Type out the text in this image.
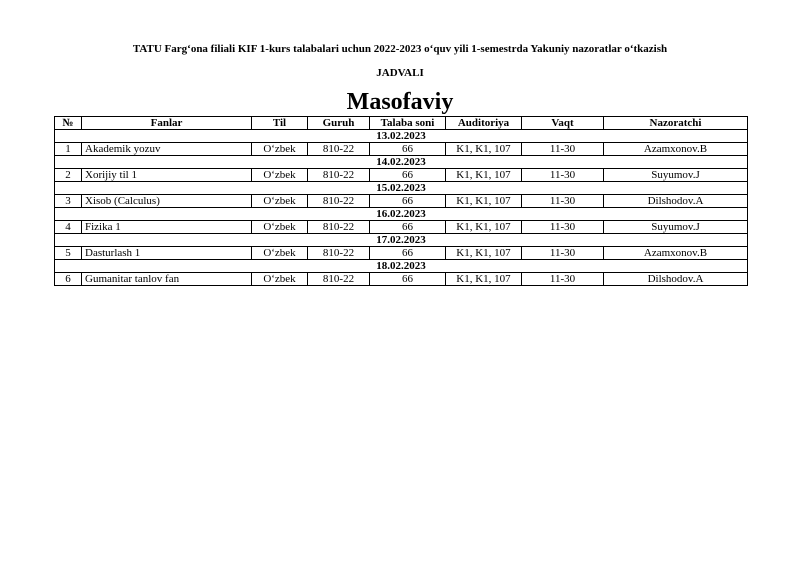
TATU Farg‘ona filiali KIF 1-kurs talabalari uchun 2022-2023 o‘quv yili 1-semestrda Yakuniy nazoratlar o‘tkazish
JADVALI
Masofaviy
№	Fanlar	Til	Guruh	Talaba soni	Auditoriya	Vaqt	Nazoratchi
13.02.2023							
1	Akademik yozuv	O‘zbek	810-22	66	K1, K1, 107	11-30	Azamxonov.B
14.02.2023							
2	Xorijiy til 1	O‘zbek	810-22	66	K1, K1, 107	11-30	Suyumov.J
15.02.2023							
3	Xisob (Calculus)	O‘zbek	810-22	66	K1, K1, 107	11-30	Dilshodov.A
16.02.2023							
4	Fizika 1	O‘zbek	810-22	66	K1, K1, 107	11-30	Suyumov.J
17.02.2023							
5	Dasturlash 1	O‘zbek	810-22	66	K1, K1, 107	11-30	Azamxonov.B
18.02.2023							
6	Gumanitar tanlov fan	O‘zbek	810-22	66	K1, K1, 107	11-30	Dilshodov.A
